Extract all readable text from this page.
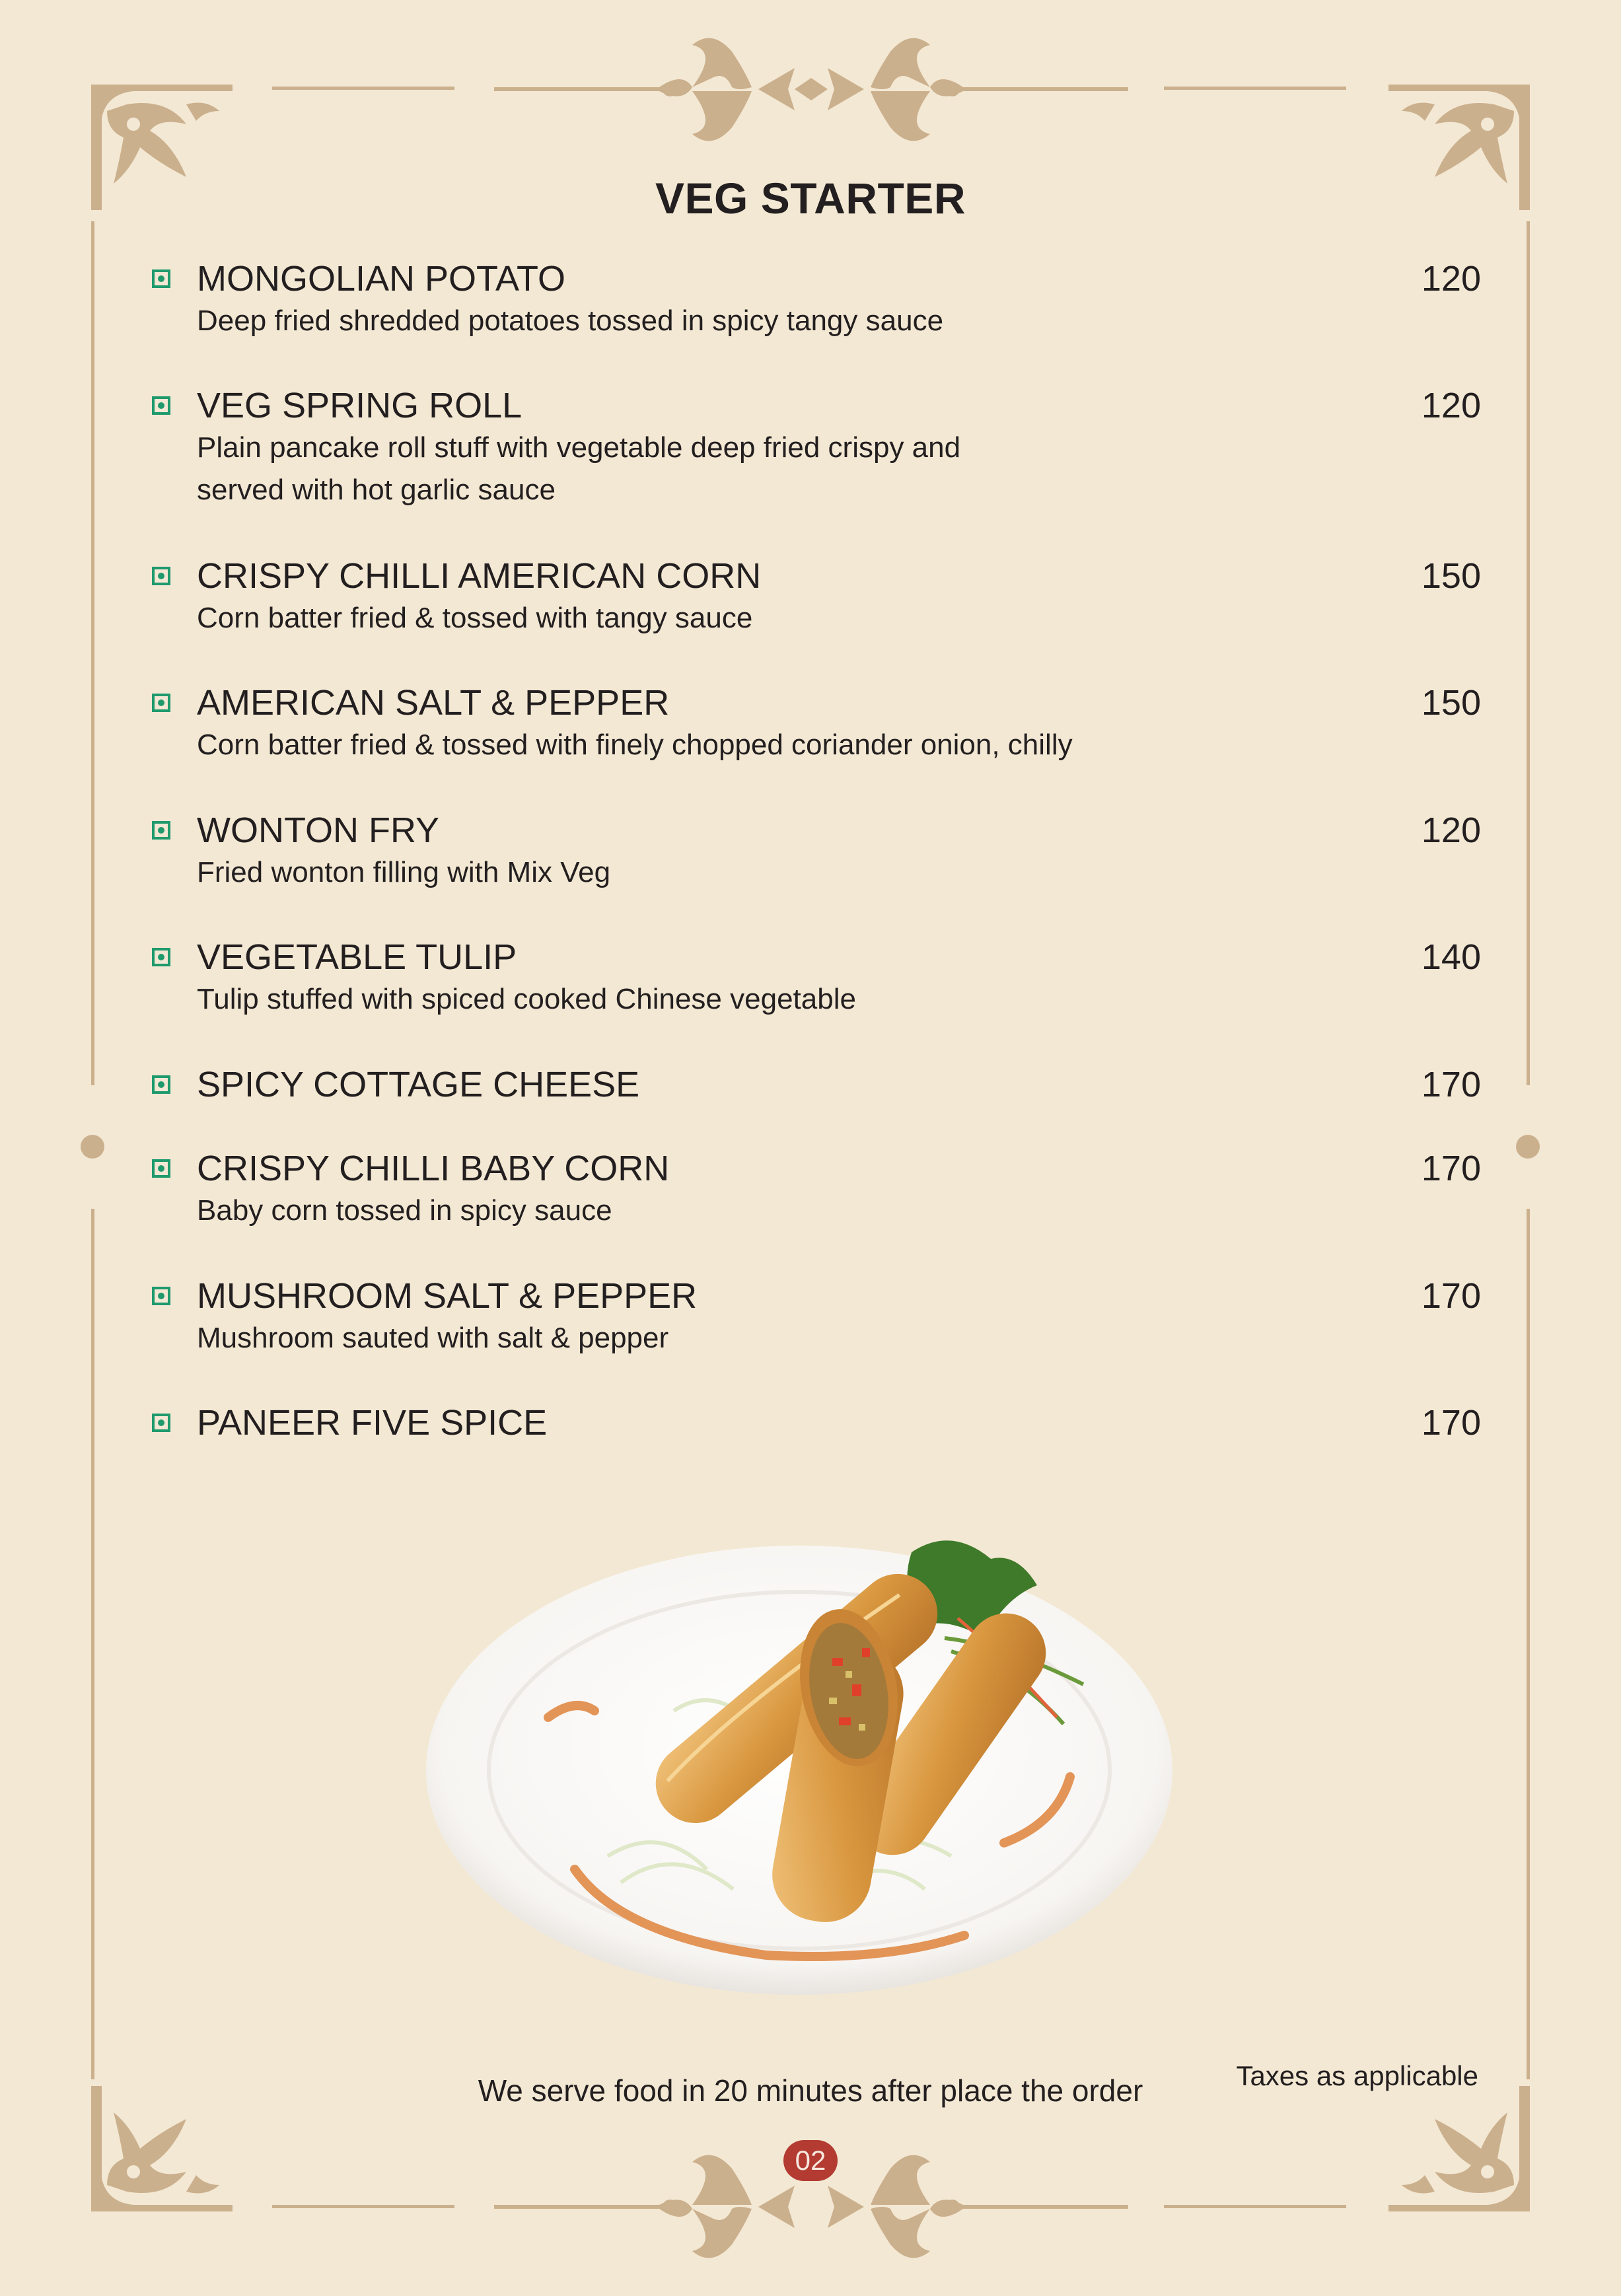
VEG STARTER
MONGOLIAN POTATO	120
Deep fried shredded potatoes tossed in spicy tangy sauce
VEG SPRING ROLL	120
Plain pancake roll stuff with vegetable deep fried crispy and
served with hot garlic sauce
CRISPY CHILLI AMERICAN CORN	150
Corn batter fried & tossed with tangy sauce
AMERICAN SALT & PEPPER	150
Corn batter fried & tossed with finely chopped coriander onion, chilly
WONTON FRY	120
Fried wonton filling with Mix Veg
VEGETABLE TULIP	140
Tulip stuffed with spiced cooked Chinese vegetable
SPICY COTTAGE CHEESE	170
CRISPY CHILLI BABY CORN	170
Baby corn tossed in spicy sauce
MUSHROOM SALT & PEPPER	170
Mushroom sauted with salt & pepper
PANEER FIVE SPICE	170
Taxes as applicable
We serve food in 20 minutes after place the order
02
